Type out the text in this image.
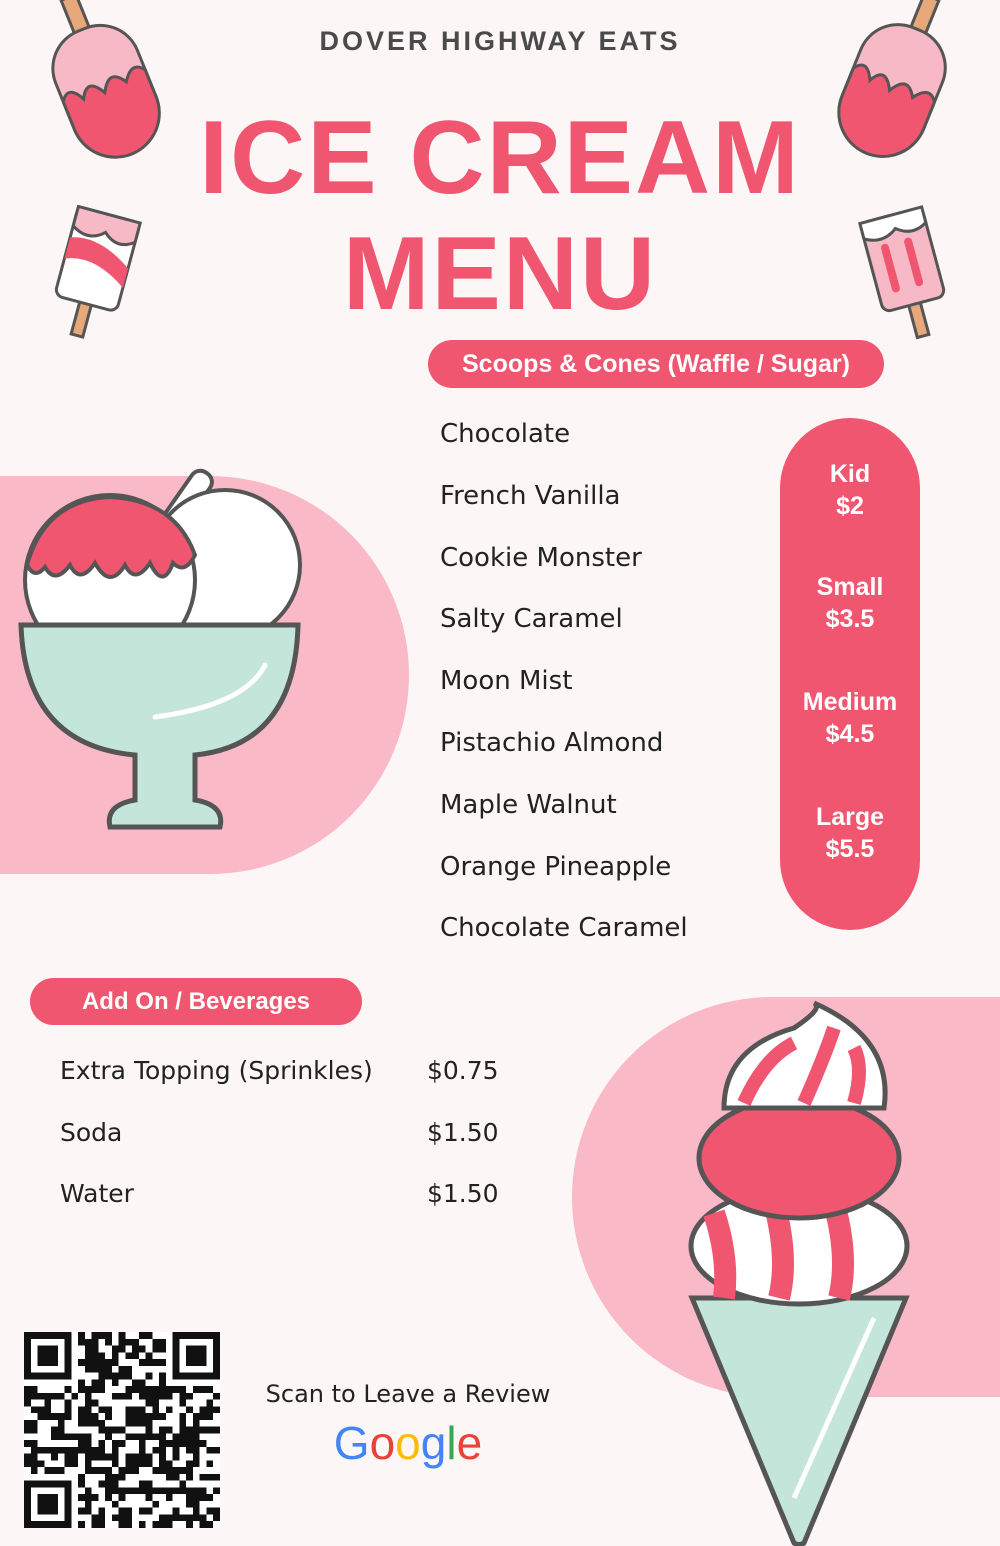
DOVER HIGHWAY EATS
ICE CREAM
MENU
Scoops & Cones (Waffle / Sugar)
Chocolate
French Vanilla
Cookie Monster
Salty Caramel
Moon Mist
Pistachio Almond
Maple Walnut
Orange Pineapple
Chocolate Caramel
Kid
$2
Small
$3.5
Medium
$4.5
Large
$5.5
Add On / Beverages
Extra Topping (Sprinkles) $0.75
Soda	$1.50
Water	$1.50
Scan to Leave a Review
Google
